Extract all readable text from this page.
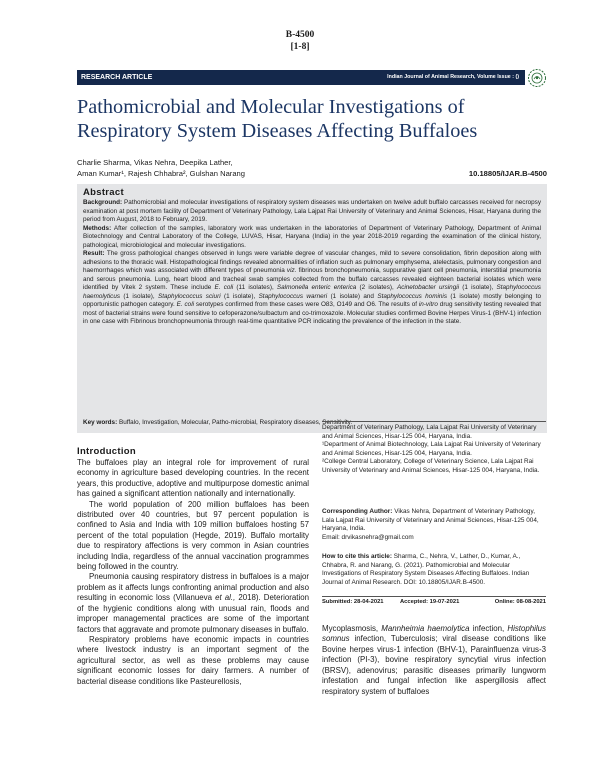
B-4500
[1-8]
RESEARCH ARTICLE	Indian Journal of Animal Research, Volume Issue : ()
Pathomicrobial and Molecular Investigations of Respiratory System Diseases Affecting Buffaloes
Charlie Sharma, Vikas Nehra, Deepika Lather,
Aman Kumar¹, Rajesh Chhabra², Gulshan Narang	10.18805/IJAR.B-4500
Abstract

Background: Pathomicrobial and molecular investigations of respiratory system diseases was undertaken on twelve adult buffalo carcasses received for necropsy examination at post mortem facility of Department of Veterinary Pathology, Lala Lajpat Rai University of Veterinary and Animal Sciences, Hisar, Haryana during the period from August, 2018 to February, 2019.

Methods: After collection of the samples, laboratory work was undertaken in the laboratories of Department of Veterinary Pathology, Department of Animal Biotechnology and Central Laboratory of the College, LUVAS, Hisar, Haryana (India) in the year 2018-2019 regarding the examination of the clinical history, pathological, microbiological and molecular investigations.

Result: The gross pathological changes observed in lungs were variable degree of vascular changes, mild to severe consolidation, fibrin deposition along with adhesions to the thoracic wall. Histopathological findings revealed abnormalities of inflation such as pulmonary emphysema, atelectasis, pulmonary congestion and haemorrhages which was associated with different types of pneumonia viz. fibrinous bronchopneumonia, suppurative giant cell pneumonia, interstitial pneumonia and serous pneumonia. Lung, heart blood and tracheal swab samples collected from the buffalo carcasses revealed eighteen bacterial isolates which were identified by Vitek 2 system. These include E. coli (11 isolates), Salmonella enteric enterica (2 isolates), Acinetobacter ursingii (1 isolate), Staphylococcus haemolyticus (1 isolate), Staphylococcus sciuri (1 isolate), Staphylococcus warneri (1 isolate) and Staphylococcus hominis (1 isolate) mostly belonging to opportunistic pathogen category. E. coli serotypes confirmed from these cases were O83, O149 and O6. The results of in-vitro drug sensitivity testing revealed that most of bacterial strains were found sensitive to cefoperazone/sulbactum and co-trimoxazole. Molecular studies confirmed Bovine Herpes Virus-1 (BHV-1) infection in one case with Fibrinous bronchopneumonia through real-time quantitative PCR indicating the prevalence of the infection in the state.

Key words: Buffalo, Investigation, Molecular, Patho-microbial, Respiratory diseases, Sensitivity.
Introduction

The buffaloes play an integral role for improvement of rural economy in agriculture based developing countries. In the recent years, this productive, adoptive and multipurpose domestic animal has gained a significant attention nationally and internationally.

The world population of 200 million buffaloes has been distributed over 40 countries, but 97 percent population is confined to Asia and India with 109 million buffaloes hosting 57 percent of the total population (Hegde, 2019). Buffalo mortality due to respiratory affections is very common in Asian countries including India, regardless of the annual vaccination programmes being followed in the country.

Pneumonia causing respiratory distress in buffaloes is a major problem as it affects lungs confronting animal production and also resulting in economic loss (Villanueva et al., 2018). Deterioration of the hygienic conditions along with unusual rain, floods and improper managemental practices are some of the important factors that aggravate and promote pulmonary diseases in buffalo.

Respiratory problems have economic impacts in countries where livestock industry is an important segment of the agricultural sector, as well as these problems may cause significant economic losses for dairy farmers. A number of bacterial disease conditions like Pasteurellosis,

Department of Veterinary Pathology, Lala Lajpat Rai University of Veterinary and Animal Sciences, Hisar-125 004, Haryana, India.

¹Department of Animal Biotechnology, Lala Lajpat Rai University of Veterinary and Animal Sciences, Hisar-125 004, Haryana, India.

²College Central Laboratory, College of Veterinary Science, Lala Lajpat Rai University of Veterinary and Animal Sciences, Hisar-125 004, Haryana, India.

Corresponding Author: Vikas Nehra, Department of Veterinary Pathology, Lala Lajpat Rai University of Veterinary and Animal Sciences, Hisar-125 004, Haryana, India.

Email: drvikasnehra@gmail.com

How to cite this article: Sharma, C., Nehra, V., Lather, D., Kumar, A., Chhabra, R. and Narang, G. (2021). Pathomicrobial and Molecular Investigations of Respiratory System Diseases Affecting Buffaloes. Indian Journal of Animal Research. DOI: 10.18805/IJAR.B-4500.

Submitted: 28-04-2021	Accepted: 19-07-2021	Online: 08-08-2021

Mycoplasmosis, Mannheimia haemolytica infection, Histophilus somnus infection, Tuberculosis; viral disease conditions like Bovine herpes virus-1 infection (BHV-1), Parainfluenza virus-3 infection (PI-3), bovine respiratory syncytial virus infection (BRSV), adenovirus; parasitic diseases primarily lungworm infestation and fungal infection like aspergillosis affect respiratory system of buffaloes
